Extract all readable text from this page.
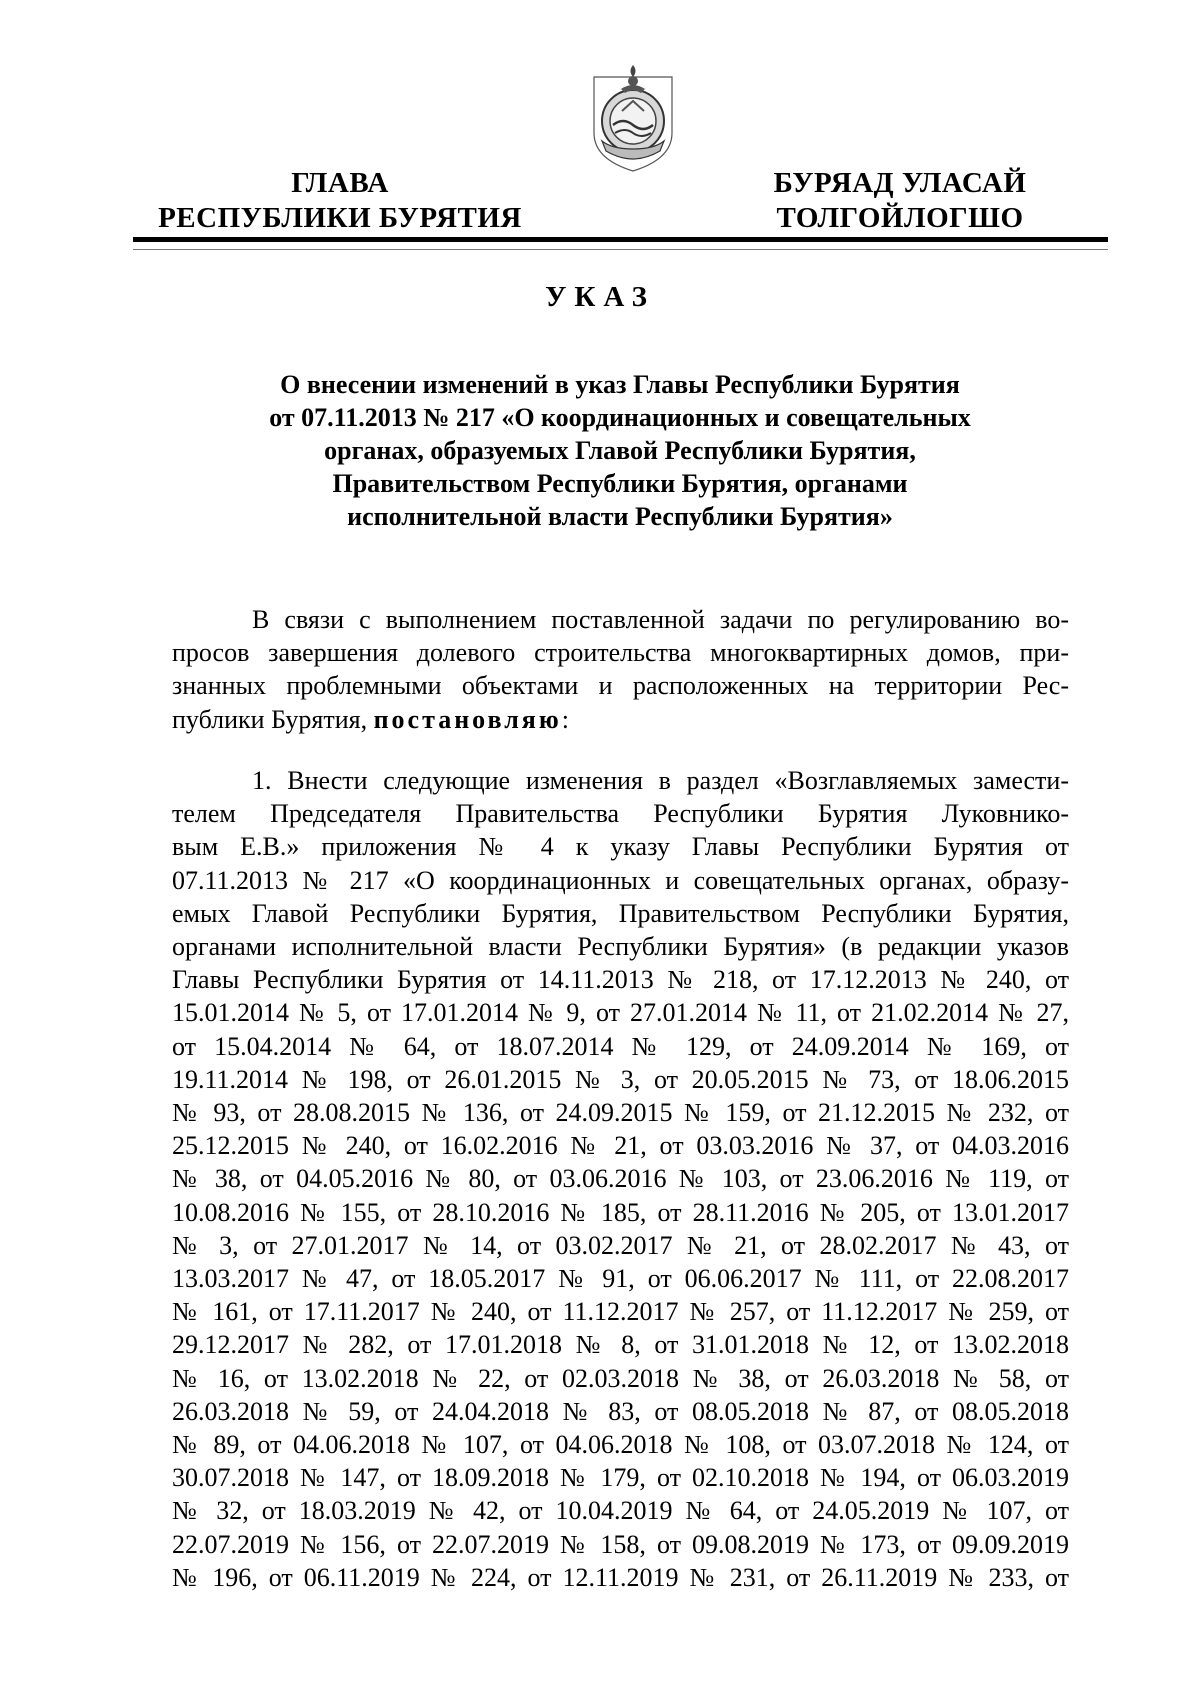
ГЛАВА
РЕСПУБЛИКИ БУРЯТИЯ
БУРЯАД УЛАСАЙ
ТОЛГОЙЛОГШО
УКАЗ
О внесении изменений в указ Главы Республики Бурятия
от 07.11.2013 № 217 «О координационных и совещательных
органах, образуемых Главой Республики Бурятия,
Правительством Республики Бурятия, органами
исполнительной власти Республики Бурятия»
В связи с выполнением поставленной задачи по регулированию во-
просов завершения долевого строительства многоквартирных домов, при-
знанных проблемными объектами и расположенных на территории Рес-
публики Бурятия, постановляю:
1. Внести следующие изменения в раздел «Возглавляемых замести-
телем Председателя Правительства Республики Бурятия Луковнико-
вым Е.В.» приложения № 4 к указу Главы Республики Бурятия от
07.11.2013 № 217 «О координационных и совещательных органах, образу-
емых Главой Республики Бурятия, Правительством Республики Бурятия,
органами исполнительной власти Республики Бурятия» (в редакции указов
Главы Республики Бурятия от 14.11.2013 № 218, от 17.12.2013 № 240, от
15.01.2014 № 5, от 17.01.2014 № 9, от 27.01.2014 № 11, от 21.02.2014 № 27,
от 15.04.2014 № 64, от 18.07.2014 № 129, от 24.09.2014 № 169, от
19.11.2014 № 198, от 26.01.2015 № 3, от 20.05.2015 № 73, от 18.06.2015
№ 93, от 28.08.2015 № 136, от 24.09.2015 № 159, от 21.12.2015 № 232, от
25.12.2015 № 240, от 16.02.2016 № 21, от 03.03.2016 № 37, от 04.03.2016
№ 38, от 04.05.2016 № 80, от 03.06.2016 № 103, от 23.06.2016 № 119, от
10.08.2016 № 155, от 28.10.2016 № 185, от 28.11.2016 № 205, от 13.01.2017
№ 3, от 27.01.2017 № 14, от 03.02.2017 № 21, от 28.02.2017 № 43, от
13.03.2017 № 47, от 18.05.2017 № 91, от 06.06.2017 № 111, от 22.08.2017
№ 161, от 17.11.2017 № 240, от 11.12.2017 № 257, от 11.12.2017 № 259, от
29.12.2017 № 282, от 17.01.2018 № 8, от 31.01.2018 № 12, от 13.02.2018
№ 16, от 13.02.2018 № 22, от 02.03.2018 № 38, от 26.03.2018 № 58, от
26.03.2018 № 59, от 24.04.2018 № 83, от 08.05.2018 № 87, от 08.05.2018
№ 89, от 04.06.2018 № 107, от 04.06.2018 № 108, от 03.07.2018 № 124, от
30.07.2018 № 147, от 18.09.2018 № 179, от 02.10.2018 № 194, от 06.03.2019
№ 32, от 18.03.2019 № 42, от 10.04.2019 № 64, от 24.05.2019 № 107, от
22.07.2019 № 156, от 22.07.2019 № 158, от 09.08.2019 № 173, от 09.09.2019
№ 196, от 06.11.2019 № 224, от 12.11.2019 № 231, от 26.11.2019 № 233, от
